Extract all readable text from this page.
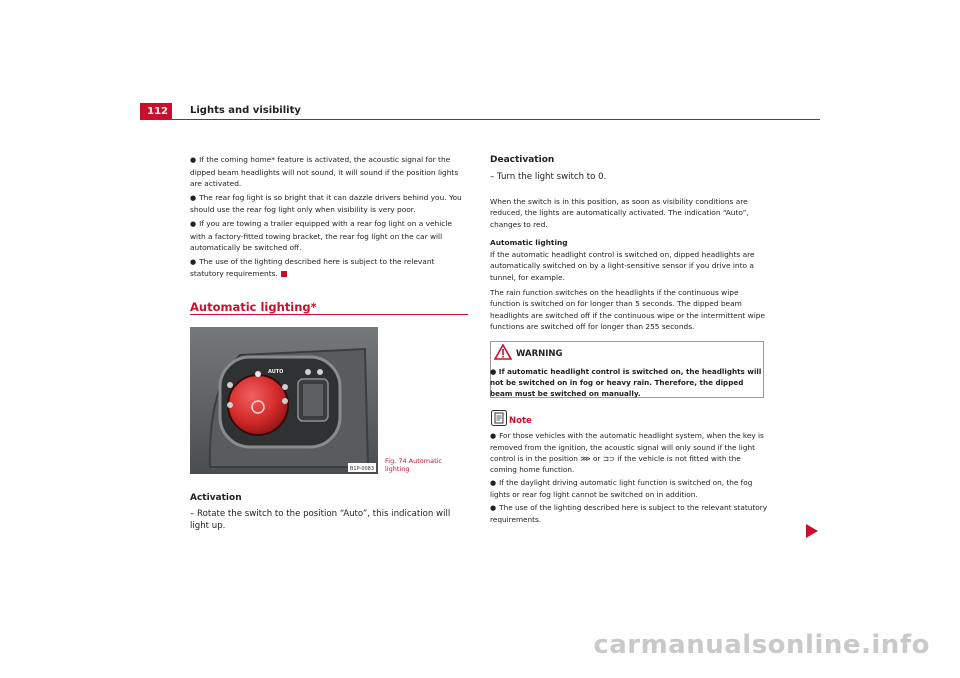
112	Lights and visibility
● If the coming home* feature is activated, the acoustic signal for the dipped beam headlights will not sound, it will sound if the position lights are activated.
● The rear fog light is so bright that it can dazzle drivers behind you. You should use the rear fog light only when visibility is very poor.
● If you are towing a trailer equipped with a rear fog light on a vehicle with a factory-fitted towing bracket, the rear fog light on the car will automatically be switched off.
● The use of the lighting described here is subject to the relevant statutory requirements.
Automatic lighting*
AUTO
B1P-0083
Fig. 74 Automatic lighting
Activation
– Rotate the switch to the position “Auto”, this indication will light up.
Deactivation
– Turn the light switch to 0.
When the switch is in this position, as soon as visibility conditions are reduced, the lights are automatically activated. The indication “Auto”, changes to red.
Automatic lighting
If the automatic headlight control is switched on, dipped headlights are automatically switched on by a light-sensitive sensor if you drive into a tunnel, for example.
The rain function switches on the headlights if the continuous wipe function is switched on for longer than 5 seconds. The dipped beam headlights are switched off if the continuous wipe or the intermittent wipe functions are switched off for longer than 255 seconds.
WARNING
● If automatic headlight control is switched on, the headlights will not be switched on in fog or heavy rain. Therefore, the dipped beam must be switched on manually.
Note
● For those vehicles with the automatic headlight system, when the key is removed from the ignition, the acoustic signal will only sound if the light control is in the position ⋙ or ⊐⊃ if the vehicle is not fitted with the coming home function.
● If the daylight driving automatic light function is switched on, the fog lights or rear fog light cannot be switched on in addition.
● The use of the lighting described here is subject to the relevant statutory requirements.
carmanualsonline.info
